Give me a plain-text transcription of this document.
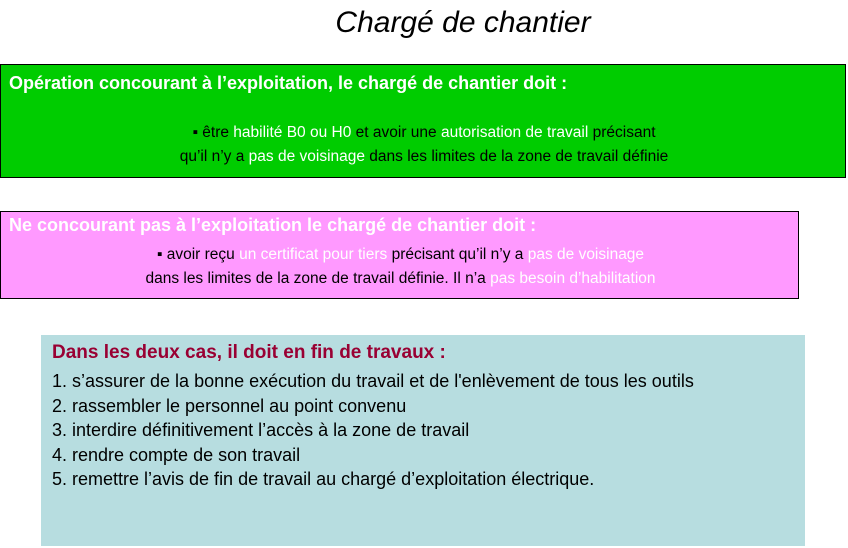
Chargé de chantier
Opération concourant à l’exploitation, le chargé de chantier doit :
▪ être habilité B0 ou H0 et avoir une autorisation de travail précisant
qu’il n’y a pas de voisinage dans les limites de la zone de travail définie
Ne concourant pas à l’exploitation le chargé de chantier doit :
▪ avoir reçu un certificat pour tiers précisant qu’il n’y a pas de voisinage
dans les limites de la zone de travail définie. Il n’a pas besoin d’habilitation
Dans les deux cas, il doit en fin de travaux :
1. s’assurer de la bonne exécution du travail et de l'enlèvement de tous les outils
2. rassembler le personnel au point convenu
3. interdire définitivement l’accès à la zone de travail
4. rendre compte de son travail
5. remettre l’avis de fin de travail au chargé d’exploitation électrique.
